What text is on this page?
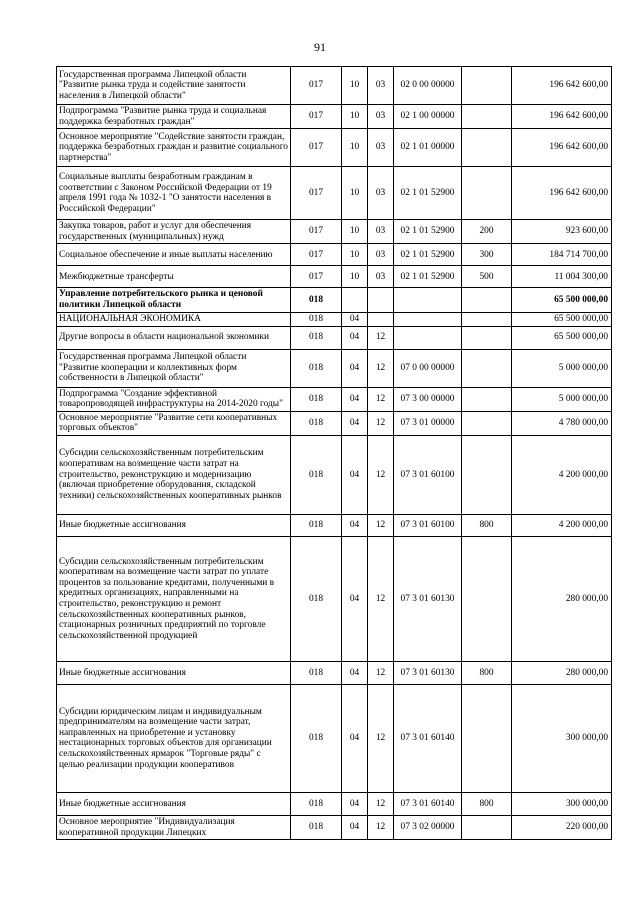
91
Государственная программа Липецкой области "Развитие рынка труда и содействие занятости населения в Липецкой области"	017	10	03	02 0 00 00000		196 642 600,00
Подпрограмма "Развитие рынка труда и социальная поддержка безработных граждан"	017	10	03	02 1 00 00000		196 642 600,00
Основное мероприятие "Содействие занятости граждан, поддержка безработных граждан и развитие социального партнерства"	017	10	03	02 1 01 00000		196 642 600,00
Социальные выплаты безработным гражданам в соответствии с Законом Российской Федерации от 19 апреля 1991 года № 1032-1 "О занятости населения в Российской Федерации"	017	10	03	02 1 01 52900		196 642 600,00
Закупка товаров, работ и услуг для обеспечения государственных (муниципальных) нужд	017	10	03	02 1 01 52900	200	923 600,00
Социальное обеспечение и иные выплаты населению	017	10	03	02 1 01 52900	300	184 714 700,00
Межбюджетные трансферты	017	10	03	02 1 01 52900	500	11 004 300,00
Управление потребительского рынка и ценовой политики Липецкой области	018					65 500 000,00
НАЦИОНАЛЬНАЯ ЭКОНОМИКА	018	04				65 500 000,00
Другие вопросы в области национальной экономики	018	04	12			65 500 000,00
Государственная программа Липецкой области "Развитие кооперации и коллективных форм собственности в Липецкой области"	018	04	12	07 0 00 00000		5 000 000,00
Подпрограмма "Создание эффективной товаропроводящей инфраструктуры на 2014-2020 годы"	018	04	12	07 3 00 00000		5 000 000,00
Основное мероприятие "Развитие сети кооперативных торговых объектов"	018	04	12	07 3 01 00000		4 780 000,00
Субсидии сельскохозяйственным потребительским кооперативам на возмещение части затрат на строительство, реконструкцию и модернизацию (включая приобретение оборудования, складской техники) сельскохозяйственных кооперативных рынков	018	04	12	07 3 01 60100		4 200 000,00
Иные бюджетные ассигнования	018	04	12	07 3 01 60100	800	4 200 000,00
Субсидии сельскохозяйственным потребительским кооперативам на возмещение части затрат по уплате процентов за пользование кредитами, полученными в кредитных организациях, направленными на строительство, реконструкцию и ремонт сельскохозяйственных кооперативных рынков, стационарных розничных предприятий по торговле сельскохозяйственной продукцией	018	04	12	07 3 01 60130		280 000,00
Иные бюджетные ассигнования	018	04	12	07 3 01 60130	800	280 000,00
Субсидии юридическим лицам и индивидуальным предпринимателям на возмещение части затрат, направленных на приобретение и установку нестационарных торговых объектов для организации сельскохозяйственных ярмарок "Торговые ряды" с целью реализации продукции кооперативов	018	04	12	07 3 01 60140		300 000,00
Иные бюджетные ассигнования	018	04	12	07 3 01 60140	800	300 000,00
Основное мероприятие "Индивидуализация кооперативной продукции Липецких	018	04	12	07 3 02 00000		220 000,00
